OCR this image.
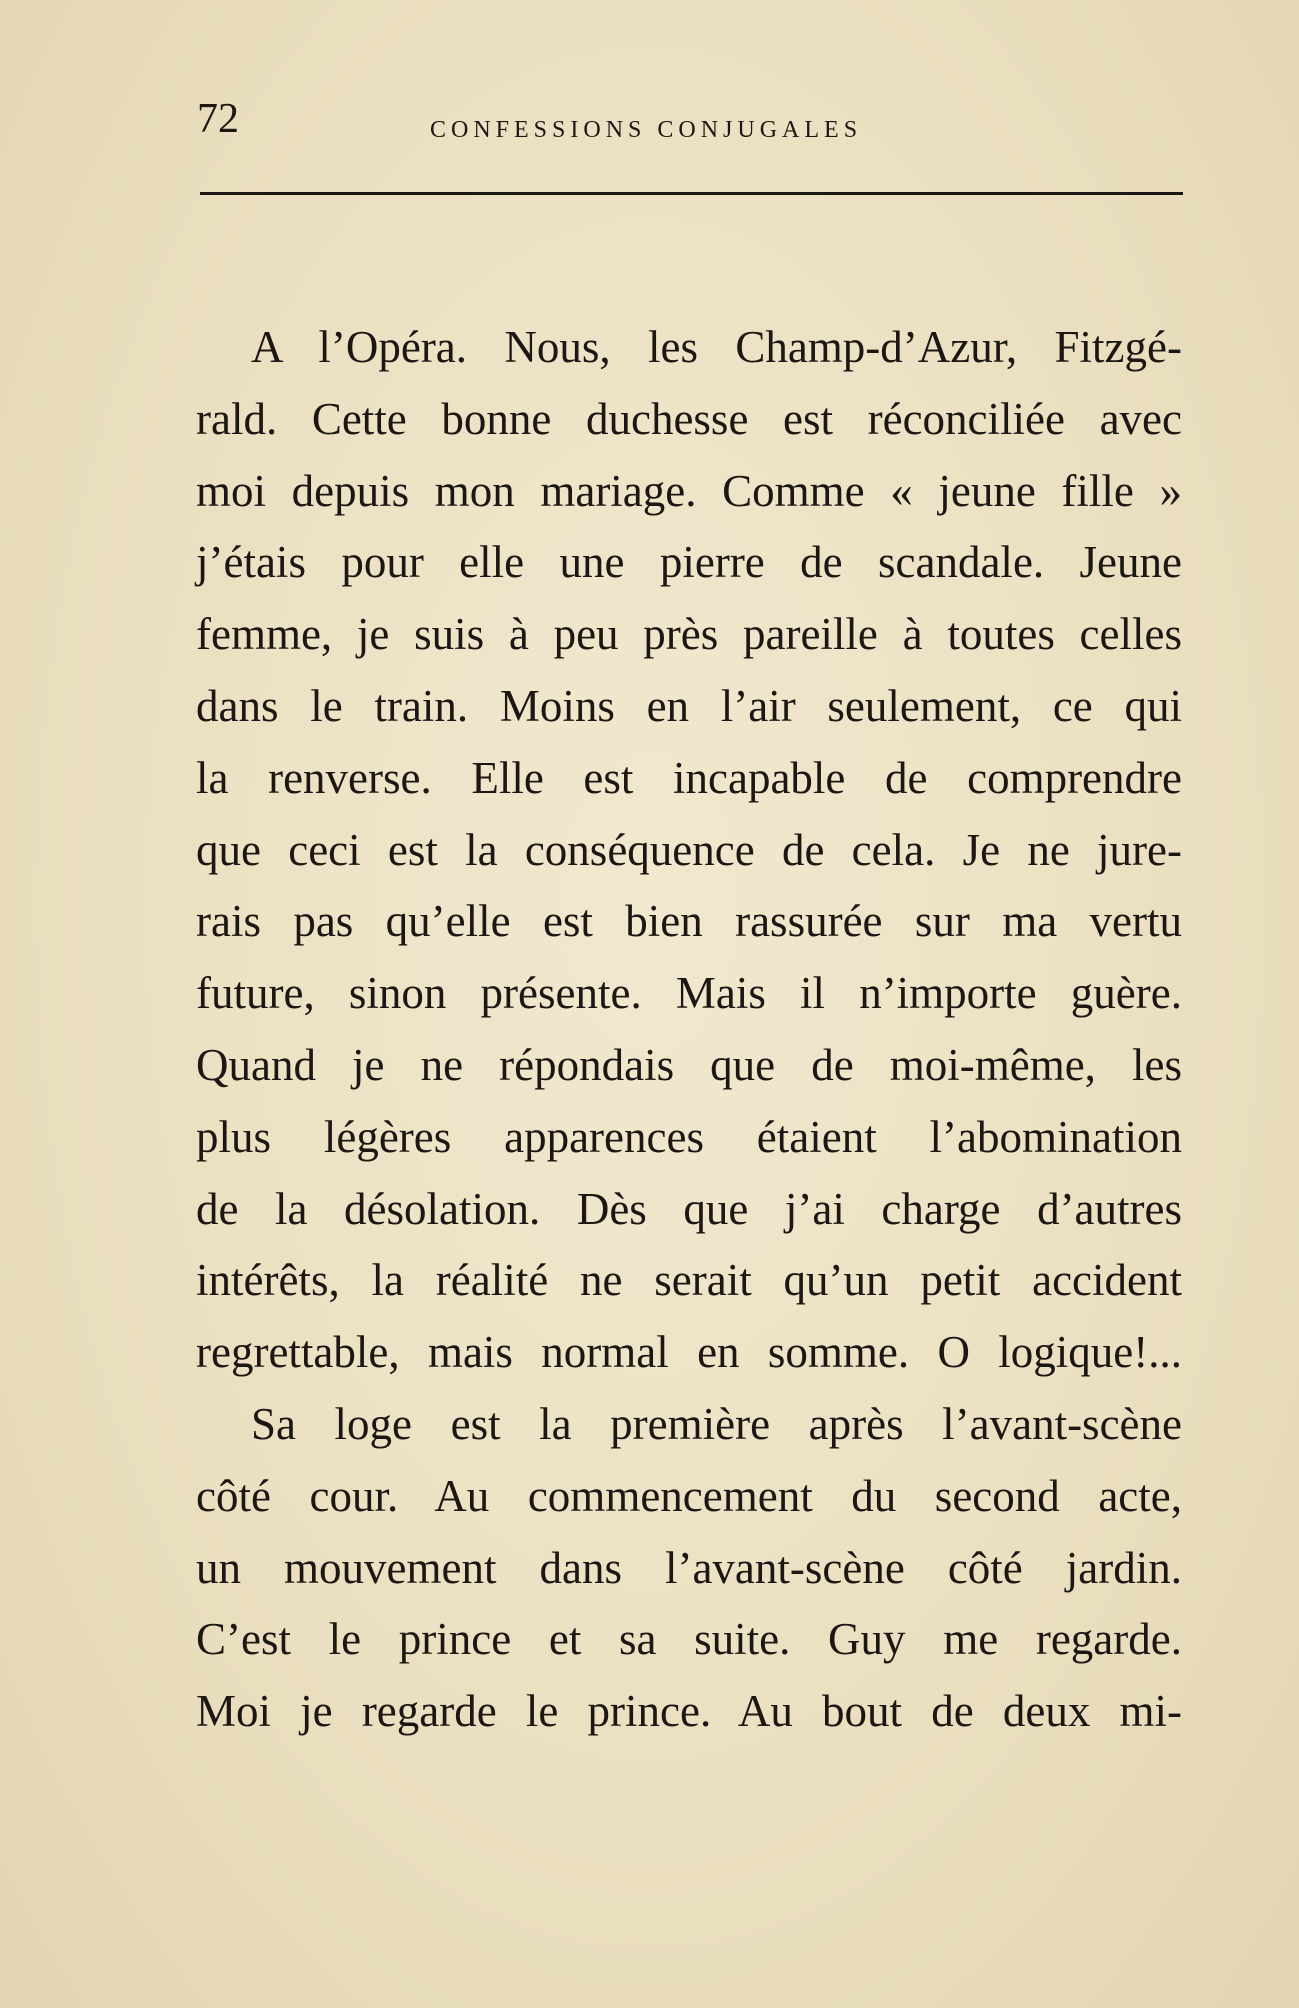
72	CONFESSIONS CONJUGALES
A l’Opéra. Nous, les Champ-d’Azur, Fitzgé-
rald. Cette bonne duchesse est réconciliée avec
moi depuis mon mariage. Comme « jeune fille »
j’étais pour elle une pierre de scandale. Jeune
femme, je suis à peu près pareille à toutes celles
dans le train. Moins en l’air seulement, ce qui
la renverse. Elle est incapable de comprendre
que ceci est la conséquence de cela. Je ne jure-
rais pas qu’elle est bien rassurée sur ma vertu
future, sinon présente. Mais il n’importe guère.
Quand je ne répondais que de moi-même, les
plus légères apparences étaient l’abomination
de la désolation. Dès que j’ai charge d’autres
intérêts, la réalité ne serait qu’un petit accident
regrettable, mais normal en somme. O logique!...
Sa loge est la première après l’avant-scène
côté cour. Au commencement du second acte,
un mouvement dans l’avant-scène côté jardin.
C’est le prince et sa suite. Guy me regarde.
Moi je regarde le prince. Au bout de deux mi-
